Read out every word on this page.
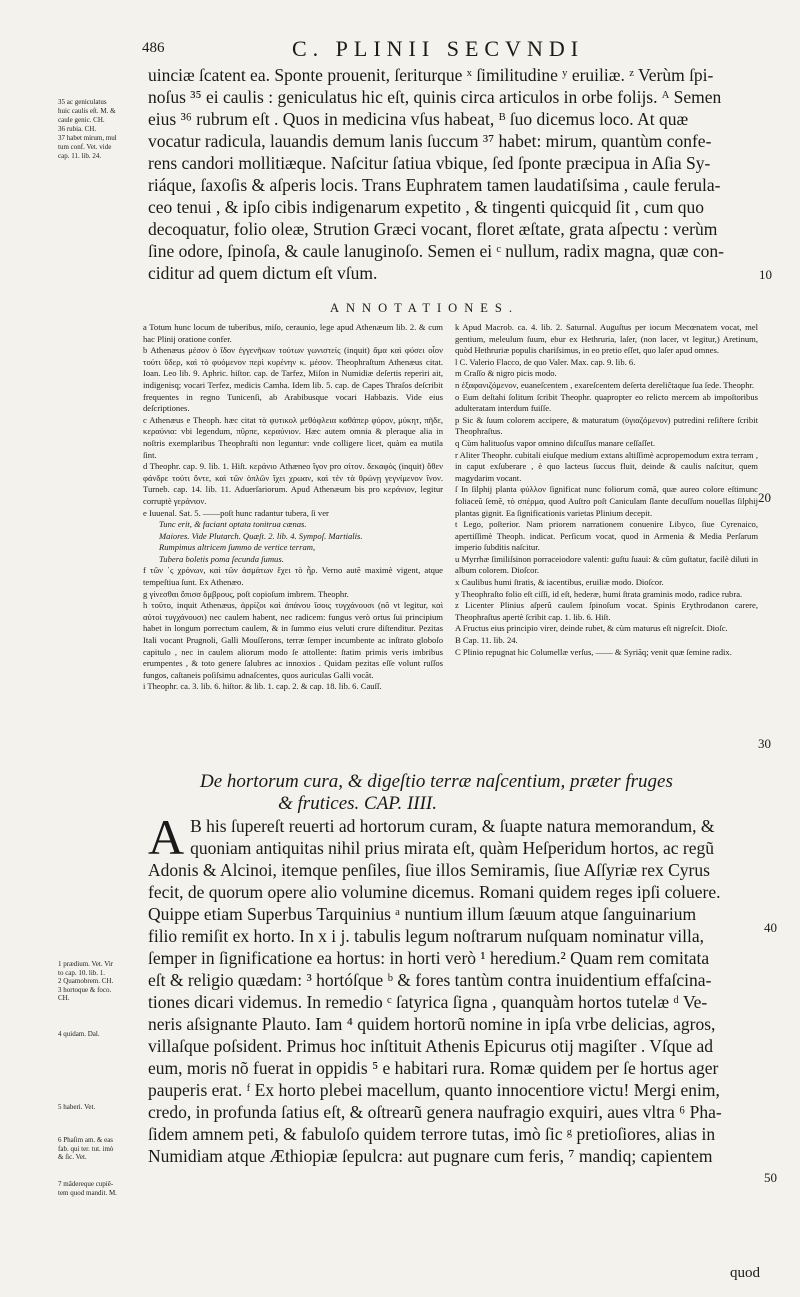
486	C. PLINII SECVNDI
uinciæ ſcatent ea. Sponte prouenit, ſeriturque ˣ ſimilitudine ʸ eruiliæ. ᶻ Verùm ſpi-
noſus ³⁵ ei caulis : geniculatus hic eſt, quinis circa articulos in orbe folijs. ᴬ Semen
eius ³⁶ rubrum eſt . Quos in medicina vſus habeat, ᴮ ſuo dicemus loco. At quæ
vocatur radicula, lauandis demum lanis ſuccum ³⁷ habet: mirum, quantùm confe-
rens candori mollitiæque. Naſcitur ſatiua vbique, ſed ſponte præcipua in Aſia Sy-
riáque, ſaxoſis & aſperis locis. Trans Euphratem tamen laudatiſsima , caule ferula-
ceo tenui , & ipſo cibis indigenarum expetito , & tingenti quicquid ſit , cum quo
decoquatur, folio oleæ, Strution Græci vocant, floret æſtate, grata aſpectu : verùm
ſine odore, ſpinoſa, & caule lanuginoſo. Semen ei ᶜ nullum, radix magna, quæ con-
ciditur ad quem dictum eſt vſum.
35 ac geniculatus
huic caulis eſt. M. &
caule genic. CH.
36 rubia. CH.
37 habet mirum, mul
tum conf. Vet. vide
cap. 11. lib. 24.
10
20
30
40
50
ANNOTATIONES.
a Totum hunc locum de tuberibus, miſo, ceraunio, lege apud Athenæum lib. 2. & cum hac Plinij oratione confer.
b Athenæus μέσον ὁ ἴδον ἐγγενῆκων τούτων γωνιστείς (inquit) ἄμα καὶ φύσει οἷον τούτι ὕδερ, καὶ τὸ φυόμενον περὶ κυρένην κ. μέσον. Theophraſtum Athenæus citat. Ioan. Leo lib. 9. Aphric. hiſtor. cap. de Tarfez, Miſon in Numidiæ deſertis reperiri ait, indigenisq; vocari Terfez, medicis Camha. Idem lib. 5. cap. de Capes Thraſos deſcribit frequentes in regno Tunicenſi, ab Arabibusque vocari Habbazis. Vide eius deſcriptiones.
c Athenæus e Theoph. hæc citat τὰ φυτικολ μεθόφλεια καθάπερ φύρον, μύκητ, πῆδε, κεραύνια: vbi legendum, πῦρπε, κεραύνιον. Hæc autem omnia & pleraque alia in noſtris exemplaribus Theophraſti non leguntur: vnde colligere licet, quàm ea mutila ſint.
d Theophr. cap. 9. lib. 1. Hiſt. κεράνιο Athæneo ἴγον pro σίτον. δεκαφὸς (inquit) ὅθεν φάνδρε τούτι ὄντε, καὶ τῶν ὁπλῶν ἴχει χρωαν, καὶ τἐν τὰ θρώνῃ γεγνίμενον ἴνον. Turneb. cap. 14. lib. 11. Aduerſariorum. Apud Athenæum bis pro κεράνιον, legitur corruptè γεράνιον.
e Iuuenal. Sat. 5. ——poſt hunc radantur tubera, ſi ver
Tunc erit, & faciant optata tonitrua cœnas.
Maiores. Vide Plutarch. Quæſt. 2. lib. 4. Sympoſ. Martialis.
Rumpimus altricem ſummo de vertice terram,
Tubera boletis poma ſecunda ſumus.
f τῶν ᾽ς χρόνων, καὶ τῶν ἀσμάτων ἔχει τὸ ἦρ. Verno autẽ maximè vigent, atque tempeſtiua ſunt. Ex Athenæo.
g γίνεσθαι ὄπισσ ὄμβρους, poſt copioſum imbrem. Theophr.
h τοῦτο, inquit Athenæus, ἀρρίζοι καὶ ἀπάνου ἴσοις τυγχάνουσι (nõ vt legitur, καὶ αὐτοὶ τυγχάνουσι) nec caulem habent, nec radicem: fungus verò ortus ſui principium habet in longum porrectum caulem, & in ſummo eius veluti crure diſtenditur. Pezitas Itali vocant Prugnoli, Galli Mouſſerons, terræ ſemper incumbente ac inſtrato globoſo capitulo , nec in caulem aliorum modo ſe attollente: ſtatim primis veris imbribus erumpentes , & toto genere ſalubres ac innoxios . Quidam pezitas eſſe volunt ruſſos fungos, caſtaneis poſiſsimu adnaſcentes, quos auriculas Galli vocãt.
i Theophr. ca. 3. lib. 6. hiſtor. & lib. 1. cap. 2. & cap. 18. lib. 6. Cauſſ.
k Apud Macrob. ca. 4. lib. 2. Saturnal. Auguſtus per iocum Mecœnatem vocat, mel gentium, meleulum ſuum, ebur ex Hethruria, laſer, (non lacer, vt legitur,) Aretinum, quòd Hethruriæ populis chariſsimus, in eo pretio eſſet, quo laſer apud omnes.
l C. Valerio Flacco, de quo Valer. Max. cap. 9. lib. 6.
m Craſſo & nigro picis modo.
n ἐξαφανιζόμενον, euaneſcentem , exareſcentem deſerta dereliĉtaque ſua ſede. Theophr.
o Eum deſtahi ſolitum ſcribit Theophr. quapropter eo relicto mercem ab impoſtoribus adulteratam interdum fuiſſe.
p Sic & ſuum colorem accipere, & maturatum (ὑγιαζόμενον) putredini reſiſtere ſcribit Theophraſtus.
q Cùm halituoſus vapor omnino diſcuſſus manare ceſſaſſet.
r Aliter Theophr. cubitali eiuſque medium extans altiſſimè acpropemodum extra terram , in caput exſuberare , è quo lacteus ſuccus fluit, deinde & caulis naſcitur, quem magydarim vocant.
ſ In ſilphij planta φύλλον ſignificat nunc foliorum comã, quæ aureo colore eſtimunc foliaceũ ſemẽ, τὸ σπέρμα, quod Auſtro poſt Caniculam ſlante decuſſum nouellas ſilphij plantas gignit. Ea ſignificationis varietas Plinium decepit.
t Lego, poſterior. Nam priorem narrationem conuenire Libyco, ſiue Cyrenaico, apertiſſimè Theoph. indicat. Perſicum vocat, quod in Armenia & Media Perſarum imperio ſubditis naſcitur.
u Myrrhæ ſimiliſsinon porraceiodore valenti: guſtu ſuaui: & cũm guſtatur, facilè diluti in album colorem. Dioſcor.
x Caulibus humi ſtratis, & iacentibus, eruiliæ modo. Dioſcor.
y Theophraſto folio eſt ciſſi, id eſt, hederæ, humi ſtrata graminis modo, radice rubra.
z Licenter Plinius aſperũ caulem ſpinoſum vocat. Spinis Erythrodanon carere, Theophraſtus apertè ſcribit cap. 1. lib. 6. Hiſt.
A Fructus eius principio virer, deinde rubet, & cùm maturus eſt nigreſcit. Dioſc.
B Cap. 11. lib. 24.
C Plinio repugnat hic Columellæ verſus, —— & Syriãq; venit quæ ſemine radix.
De hortorum cura, & digeſtio terræ naſcentium, præter fruges
& frutices. CAP. IIII.
A B his ſupereſt reuerti ad hortorum curam, & ſuapte natura memorandum, &
quoniam antiquitas nihil prius mirata eſt, quàm Heſperidum hortos, ac regũ
Adonis & Alcinoi, itemque penſiles, ſiue illos Semiramis, ſiue Aſſyriæ rex Cyrus
fecit, de quorum opere alio volumine dicemus. Romani quidem reges ipſi coluere.
Quippe etiam Superbus Tarquinius ᵃ nuntium illum ſæuum atque ſanguinarium
filio remiſit ex horto. In x i j. tabulis legum noſtrarum nuſquam nominatur villa,
ſemper in ſignificatione ea hortus: in horti verò ¹ heredium.² Quam rem comitata
eſt & religio quædam: ³ hortóſque ᵇ & fores tantùm contra inuidentium effaſcina-
tiones dicari videmus. In remedio ᶜ ſatyrica ſigna , quanquàm hortos tutelæ ᵈ Ve-
neris aſsignante Plauto. Iam ⁴ quidem hortorũ nomine in ipſa vrbe delicias, agros,
villaſque poſsident. Primus hoc inſtituit Athenis Epicurus otij magiſter . Vſque ad
eum, moris nõ fuerat in oppidis ⁵ e habitari rura. Romæ quidem per ſe hortus ager
pauperis erat. ᶠ Ex horto plebei macellum, quanto innocentiore victu! Mergi enim,
credo, in profunda ſatius eſt, & oſtrearũ genera naufragio exquiri, aues vltra ⁶ Pha-
ſidem amnem peti, & fabuloſo quidem terrore tutas, imò ſic ᵍ pretioſiores, alias in
Numidiam atque Æthiopiæ ſepulcra: aut pugnare cum feris, ⁷ mandiq; capientem
1 prædium. Vet. Vir
to cap. 10. lib. 1.
2 Quamobrem. CH.
3 hortoque & foco.
CH.
4 quidam. Dal.
5 haberi. Vet.
6 Phaſim am. & eas
fab. qui ter. tut. imò
& ſic. Vet.
7 mãdereque cupiẽ-
tem quod mandit. M.
quod
